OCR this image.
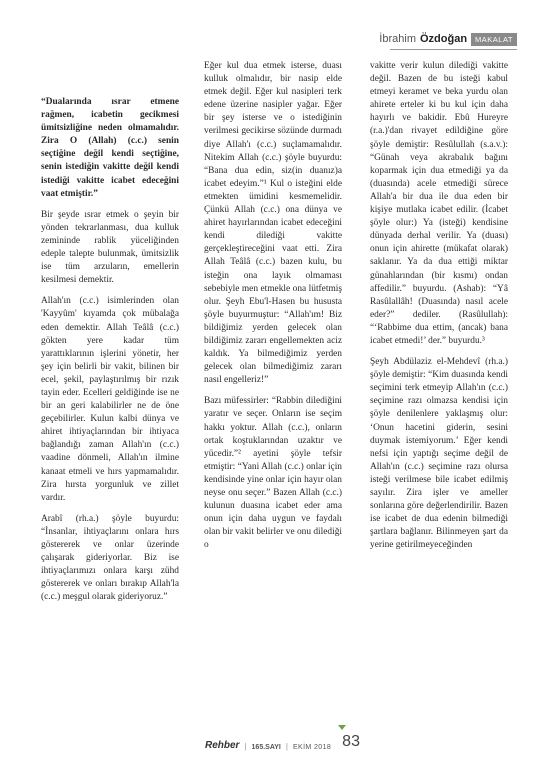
İbrahim Özdoğan	MAKALAT

“Dualarında ısrar etmene rağmen, icabetin gecikmesi ümitsizliğine neden olmamalıdır. Zira O (Allah) (c.c.) senin seçtiğine değil kendi seçtiğine, senin istediğin vakitte değil kendi istediği vakitte icabet edeceğini vaat etmiştir.”

Bir şeyde ısrar etmek o şeyin bir yönden tekrarlanması, dua kulluk zemininde rablik yüceliğinden edeple talepte bulunmak, ümitsizlik ise tüm arzuların, emellerin kesilmesi demektir.

Allah'ın (c.c.) isimlerinden olan 'Kayyûm' kıyamda çok mübalağa eden demektir. Allah Teâlâ (c.c.) gökten yere kadar tüm yarattıklarının işlerini yönetir, her şey için belirli bir vakit, bilinen bir ecel, şekil, paylaştırılmış bir rızık tayin eder. Ecelleri geldiğinde ise ne bir an geri kalabilirler ne de öne geçebilirler. Kulun kalbi dünya ve ahiret ihtiyaçlarından bir ihtiyaca bağlandığı zaman Allah'ın (c.c.) vaadine dönmeli, Allah'ın ilmine kanaat etmeli ve hırs yapmamalıdır. Zira hırsta yorgunluk ve zillet vardır.

Arabî (rh.a.) şöyle buyurdu: “İnsanlar, ihtiyaçlarını onlara hırs göstererek ve onlar üzerinde çalışarak gideriyorlar. Biz ise ihtiyaçlarımızı onlara karşı zühd göstererek ve onları bırakıp Allah'la (c.c.) meşgul olarak gideriyoruz.”

Eğer kul dua etmek isterse, duası kulluk olmalıdır, bir nasip elde etmek değil. Eğer kul nasipleri terk edene üzerine nasipler yağar. Eğer bir şey isterse ve o istediğinin verilmesi gecikirse sözünde durmadı diye Allah'ı (c.c.) suçlamamalıdır. Nitekim Allah (c.c.) şöyle buyurdu: “Bana dua edin, siz(in duanız)a icabet edeyim.”¹ Kul o isteğini elde etmekten ümidini kesmemelidir. Çünkü Allah (c.c.) ona dünya ve ahiret hayırlarından icabet edeceğini kendi dilediği vakitte gerçekleştireceğini vaat etti. Zira Allah Teâlâ (c.c.) bazen kulu, bu isteğin ona layık olmaması sebebiyle men etmekle ona lütfetmiş olur. Şeyh Ebu'l-Hasen bu hususta şöyle buyurmuştur: “Allah'ım! Biz bildiğimiz yerden gelecek olan bildiğimiz zararı engellemekten aciz kaldık. Ya bilmediğimiz yerden gelecek olan bilmediğimiz zararı nasıl engelleriz!”

Bazı müfessirler: “Rabbin dilediğini yaratır ve seçer. Onların ise seçim hakkı yoktur. Allah (c.c.), onların ortak koştuklarından uzaktır ve yücedir.”² ayetini şöyle tefsir etmiştir: “Yani Allah (c.c.) onlar için kendisinde yine onlar için hayır olan neyse onu seçer.” Bazen Allah (c.c.) kulunun duasına icabet eder ama onun için daha uygun ve faydalı olan bir vakit belirler ve onu dilediği o

vakitte verir kulun dilediği vakitte değil. Bazen de bu isteği kabul etmeyi keramet ve beka yurdu olan ahirete erteler ki bu kul için daha hayırlı ve bakidir. Ebû Hureyre (r.a.)'dan rivayet edildiğine göre şöyle demiştir: Resûlullah (s.a.v.): “Günah veya akrabalık bağını koparmak için dua etmediği ya da (duasında) acele etmediği sürece Allah'a bir dua ile dua eden bir kişiye mutlaka icabet edilir. (İcabet şöyle olur:) Ya (isteği) kendisine dünyada derhal verilir. Ya (duası) onun için ahirette (mükafat olarak) saklanır. Ya da dua ettiği miktar günahlarından (bir kısmı) ondan affedilir.” buyurdu. (Ashab): “Yâ Rasûlallâh! (Duasında) nasıl acele eder?” dediler. (Rasûlullah): “‘Rabbime dua ettim, (ancak) bana icabet etmedi!’ der.” buyurdu.³

Şeyh Abdülaziz el-Mehdevî (rh.a.) şöyle demiştir: “Kim duasında kendi seçimini terk etmeyip Allah'ın (c.c.) seçimine razı olmazsa kendisi için şöyle denilenlere yaklaşmış olur: ‘Onun hacetini giderin, sesini duymak istemiyorum.’ Eğer kendi nefsi için yaptığı seçime değil de Allah'ın (c.c.) seçimine razı olursa isteği verilmese bile icabet edilmiş sayılır. Zira işler ve ameller sonlarına göre değerlendirilir. Bazen ise icabet de dua edenin bilmediği şartlara bağlanır. Bilinmeyen şart da yerine getirilmeyeceğinden

Rehber | 165.SAYI | EKİM 2018 83
